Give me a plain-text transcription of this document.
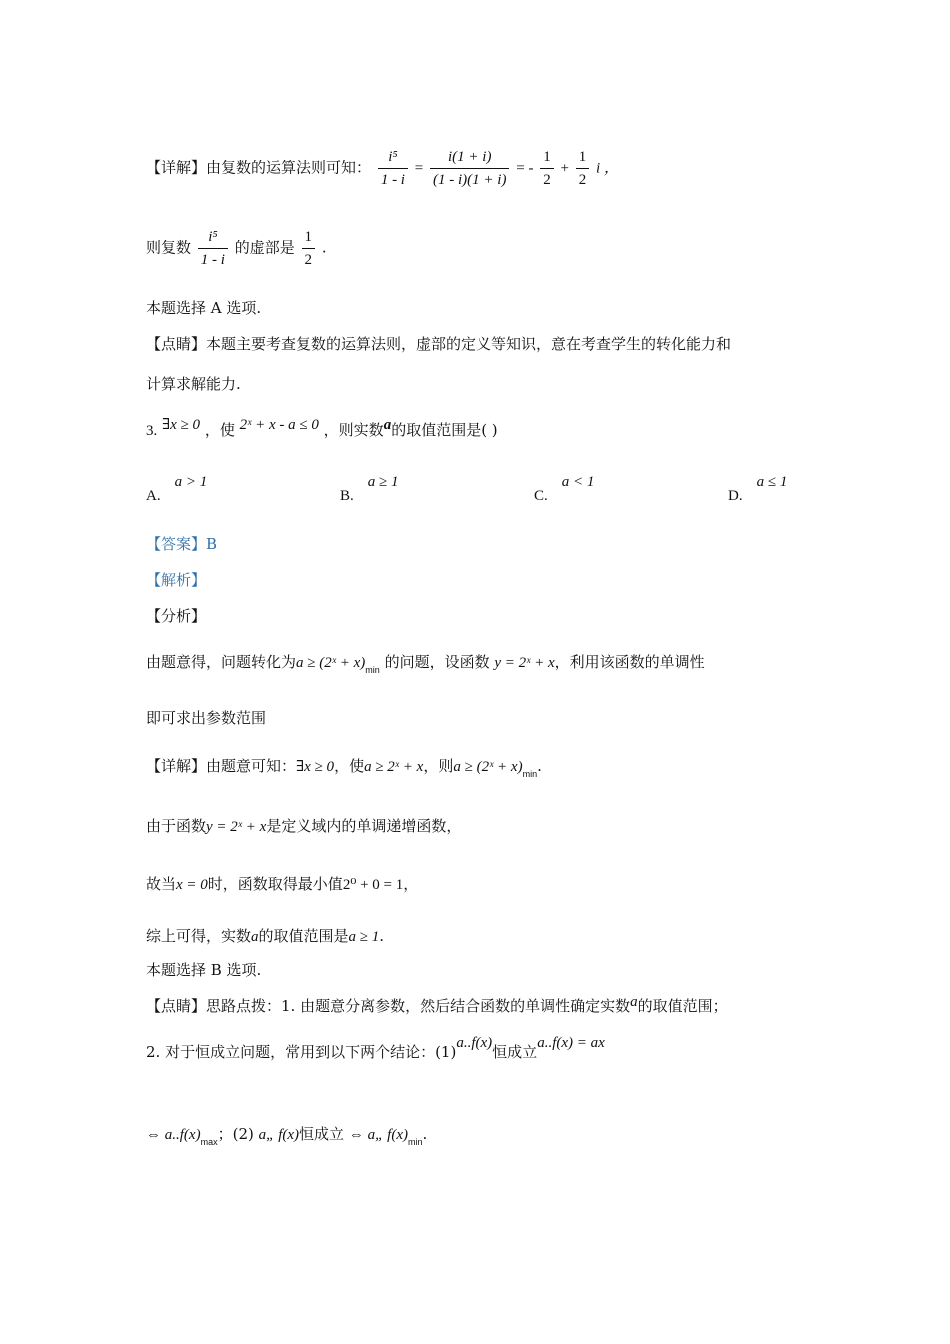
【详解】由复数的运算法则可知： $\frac{\text{i⁵}}{1 - i} = \frac{i(1 + i)}{(1 - i)(1 + i)}$ = - $\frac{1}{2} + \frac{1}{2}$ i ，
则复数 $\frac{\text{i⁵}}{1 - i}$ 的虚部是 $\frac{1}{2}$ .
本题选择 A 选项.
【点睛】本题主要考查复数的运算法则，虚部的定义等知识，意在考查学生的转化能力和
计算求解能力.
3. ∃x ≥ 0 ，使 2ˣ + x - a ≤ 0 ，则实数a的取值范围是( )
A.a > 1
B.a ≥ 1
C.a < 1
D.a ≤ 1
【答案】B
【解析】
【分析】
由题意得，问题转化为a ≥ (2ˣ + $x)_{min}$ 的问题，设函数 y = 2ˣ + x，利用该函数的单调性
即可求出参数范围
【详解】由题意可知：∃x ≥ 0，使a ≥ 2ˣ + x，则a ≥ (2ˣ + $x)_{min}$.
由于函数y = 2ˣ + x是定义域内的单调递增函数，
故当x = 0时，函数取得最小值2⁰ + 0 = 1，
综上可得，实数a的取值范围是a ≥ 1.
本题选择 B 选项.
【点睛】思路点拨：1. 由题意分离参数，然后结合函数的单调性确定实数a的取值范围；
2. 对于恒成立问题，常用到以下两个结论：(1)a..f(x)恒成立a..f(x) = ax
⇔ $a..f(x)_{max}$；(2) a„ f(x)恒成立 ⇔ a„ $f(x)_{min}$.
